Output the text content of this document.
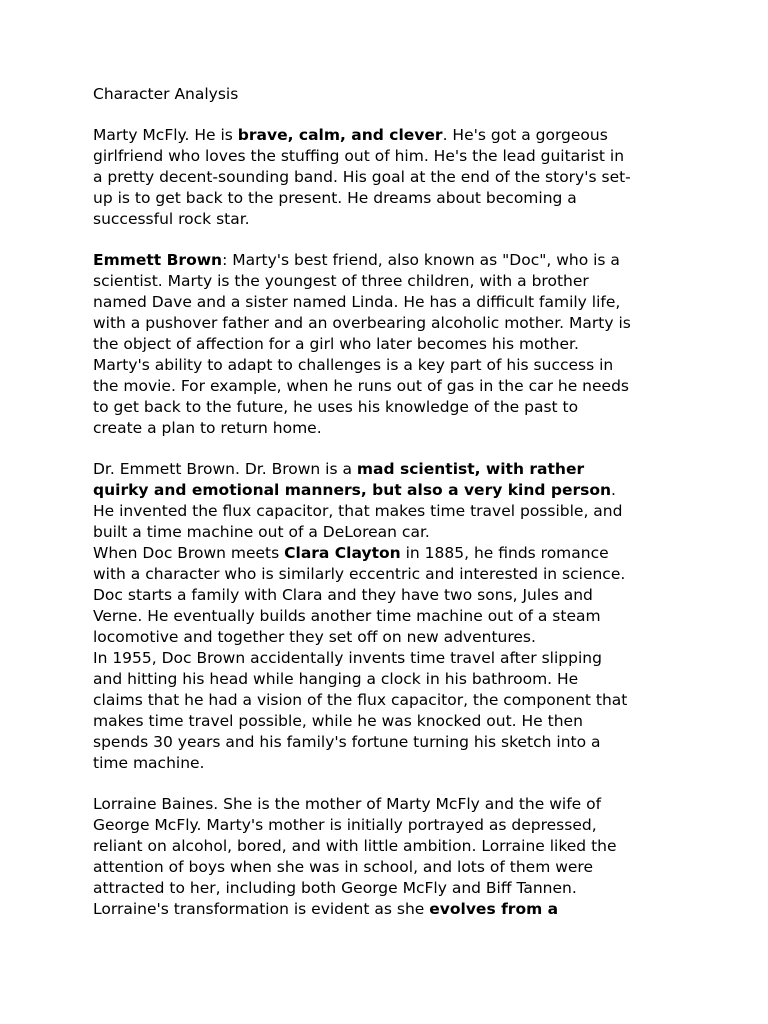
Character Analysis
Marty McFly. He is brave, calm, and clever. He's got a gorgeous
girlfriend who loves the stuffing out of him. He's the lead guitarist in
a pretty decent-sounding band. His goal at the end of the story's set-
up is to get back to the present. He dreams about becoming a
successful rock star.
Emmett Brown: Marty's best friend, also known as "Doc", who is a
scientist. Marty is the youngest of three children, with a brother
named Dave and a sister named Linda. He has a difficult family life,
with a pushover father and an overbearing alcoholic mother. Marty is
the object of affection for a girl who later becomes his mother.
Marty's ability to adapt to challenges is a key part of his success in
the movie. For example, when he runs out of gas in the car he needs
to get back to the future, he uses his knowledge of the past to
create a plan to return home.
Dr. Emmett Brown. Dr. Brown is a mad scientist, with rather
quirky and emotional manners, but also a very kind person.
He invented the flux capacitor, that makes time travel possible, and
built a time machine out of a DeLorean car.
When Doc Brown meets Clara Clayton in 1885, he finds romance
with a character who is similarly eccentric and interested in science.
Doc starts a family with Clara and they have two sons, Jules and
Verne. He eventually builds another time machine out of a steam
locomotive and together they set off on new adventures.
In 1955, Doc Brown accidentally invents time travel after slipping
and hitting his head while hanging a clock in his bathroom. He
claims that he had a vision of the flux capacitor, the component that
makes time travel possible, while he was knocked out. He then
spends 30 years and his family's fortune turning his sketch into a
time machine.
Lorraine Baines. She is the mother of Marty McFly and the wife of
George McFly. Marty's mother is initially portrayed as depressed,
reliant on alcohol, bored, and with little ambition. Lorraine liked the
attention of boys when she was in school, and lots of them were
attracted to her, including both George McFly and Biff Tannen.
Lorraine's transformation is evident as she evolves from a
